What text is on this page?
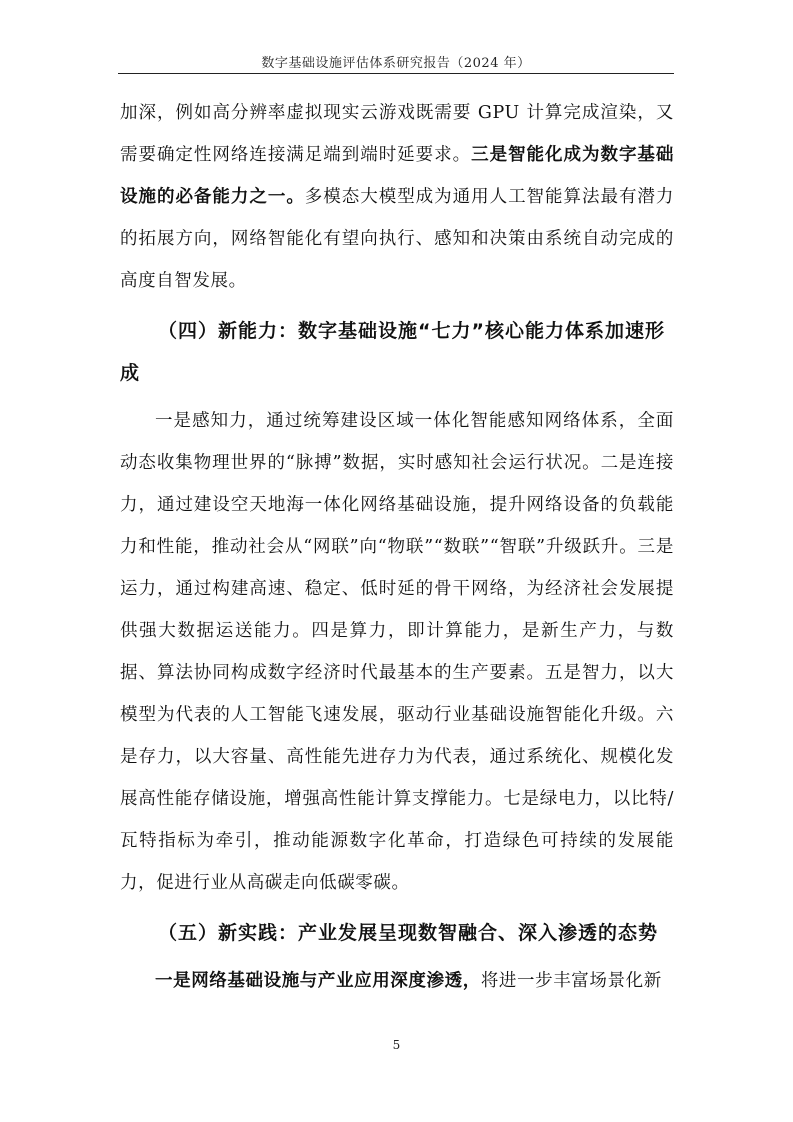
数字基础设施评估体系研究报告（2024 年）

加深，例如高分辨率虚拟现实云游戏既需要 GPU 计算完成渲染，又需要确定性网络连接满足端到端时延要求。三是智能化成为数字基础设施的必备能力之一。多模态大模型成为通用人工智能算法最有潜力的拓展方向，网络智能化有望向执行、感知和决策由系统自动完成的高度自智发展。

（四）新能力：数字基础设施“七力”核心能力体系加速形成

一是感知力，通过统筹建设区域一体化智能感知网络体系，全面动态收集物理世界的“脉搏”数据，实时感知社会运行状况。二是连接力，通过建设空天地海一体化网络基础设施，提升网络设备的负载能力和性能，推动社会从“网联”向“物联”“数联”“智联”升级跃升。三是运力，通过构建高速、稳定、低时延的骨干网络，为经济社会发展提供强大数据运送能力。四是算力，即计算能力，是新生产力，与数据、算法协同构成数字经济时代最基本的生产要素。五是智力，以大模型为代表的人工智能飞速发展，驱动行业基础设施智能化升级。六是存力，以大容量、高性能先进存力为代表，通过系统化、规模化发展高性能存储设施，增强高性能计算支撑能力。七是绿电力，以比特/瓦特指标为牵引，推动能源数字化革命，打造绿色可持续的发展能力，促进行业从高碳走向低碳零碳。

（五）新实践：产业发展呈现数智融合、深入渗透的态势

一是网络基础设施与产业应用深度渗透，将进一步丰富场景化新

5
